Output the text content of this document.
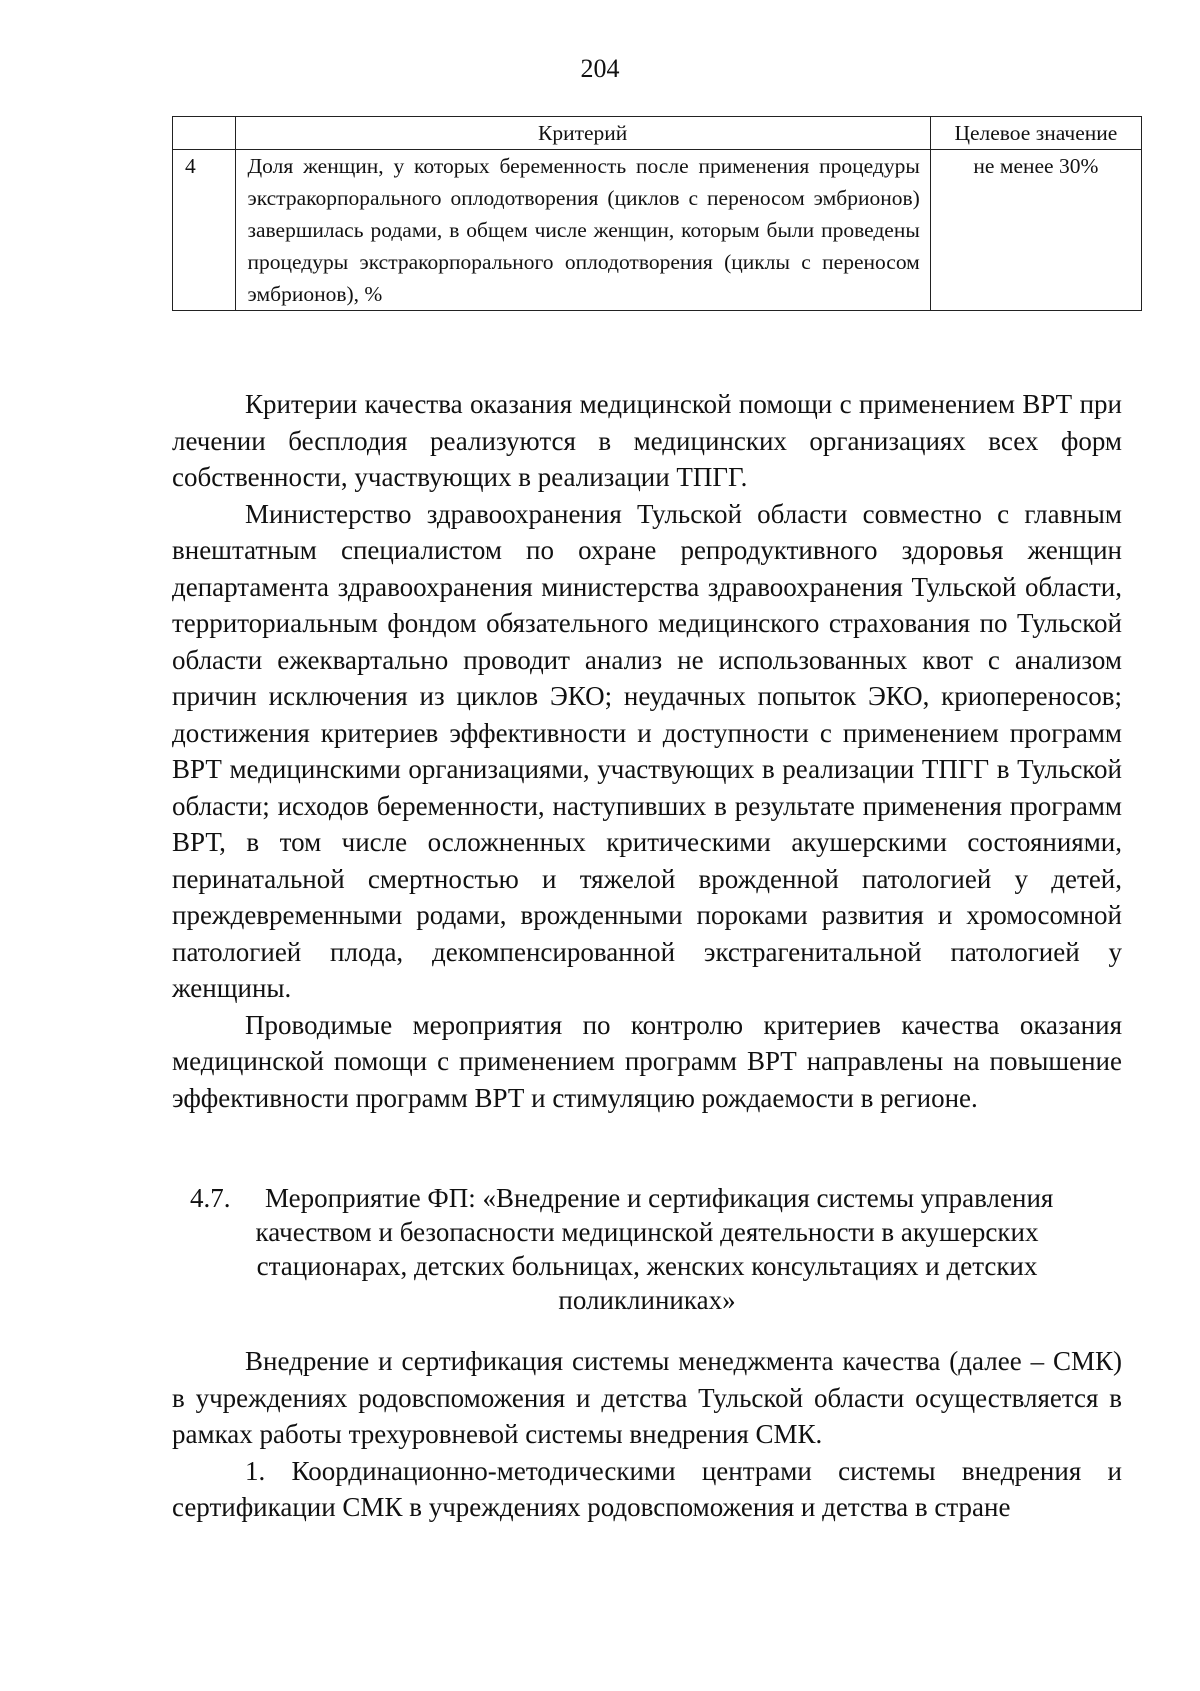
204
	Критерий	Целевое значение
4	Доля женщин, у которых беременность после применения процедуры экстракорпорального оплодотворения (циклов с переносом эмбрионов) завершилась родами, в общем числе женщин, которым были проведены процедуры экстракорпорального оплодотворения (циклы с переносом эмбрионов), %	не менее 30%

Критерии качества оказания медицинской помощи с применением ВРТ при лечении бесплодия реализуются в медицинских организациях всех форм собственности, участвующих в реализации ТПГГ.

Министерство здравоохранения Тульской области совместно с главным внештатным специалистом по охране репродуктивного здоровья женщин департамента здравоохранения министерства здравоохранения Тульской области, территориальным фондом обязательного медицинского страхования по Тульской области ежеквартально проводит анализ не использованных квот с анализом причин исключения из циклов ЭКО; неудачных попыток ЭКО, криопереносов; достижения критериев эффективности и доступности с применением программ ВРТ медицинскими организациями, участвующих в реализации ТПГГ в Тульской области; исходов беременности, наступивших в результате применения программ ВРТ, в том числе осложненных критическими акушерскими состояниями, перинатальной смертностью и тяжелой врожденной патологией у детей, преждевременными родами, врожденными пороками развития и хромосомной патологией плода, декомпенсированной экстрагенитальной патологией у женщины.

Проводимые мероприятия по контролю критериев качества оказания медицинской помощи с применением программ ВРТ направлены на повышение эффективности программ ВРТ и стимуляцию рождаемости в регионе.

4.7.	Мероприятие ФП: «Внедрение и сертификация системы управления
качеством и безопасности медицинской деятельности в акушерских
стационарах, детских больницах, женских консультациях и детских
поликлиниках»

Внедрение и сертификация системы менеджмента качества (далее – СМК) в учреждениях родовспоможения и детства Тульской области осуществляется в рамках работы трехуровневой системы внедрения СМК.

1. Координационно-методическими центрами системы внедрения и сертификации СМК в учреждениях родовспоможения и детства в стране
